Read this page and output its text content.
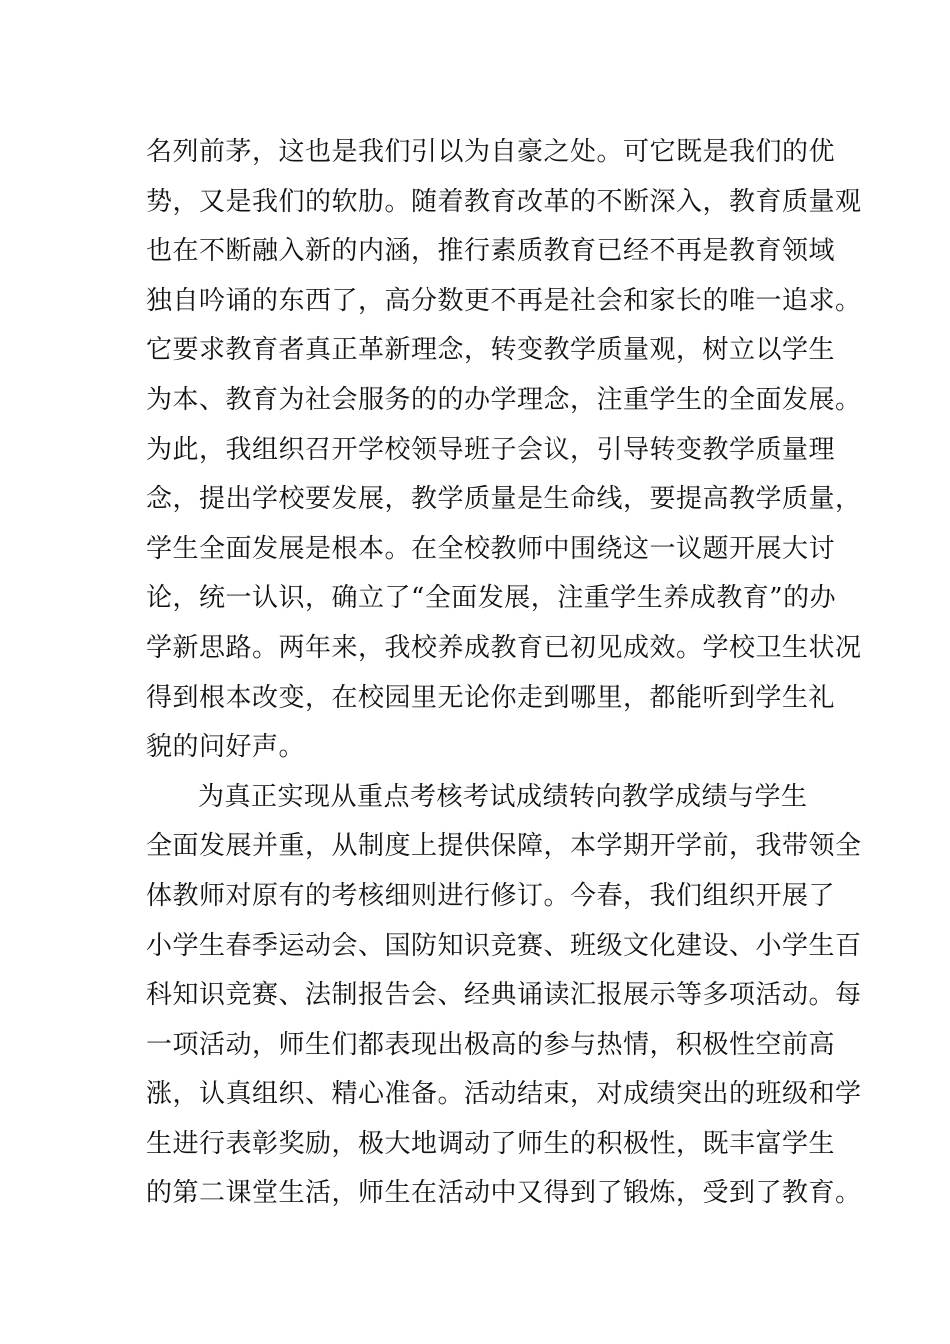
名列前茅，这也是我们引以为自豪之处。可它既是我们的优
势，又是我们的软肋。随着教育改革的不断深入，教育质量观
也在不断融入新的内涵，推行素质教育已经不再是教育领域
独自吟诵的东西了，高分数更不再是社会和家长的唯一追求。
它要求教育者真正革新理念，转变教学质量观，树立以学生
为本、教育为社会服务的的办学理念，注重学生的全面发展。
为此，我组织召开学校领导班子会议，引导转变教学质量理
念，提出学校要发展，教学质量是生命线，要提高教学质量，
学生全面发展是根本。在全校教师中围绕这一议题开展大讨
论，统一认识，确立了“全面发展，注重学生养成教育”的办
学新思路。两年来，我校养成教育已初见成效。学校卫生状况
得到根本改变，在校园里无论你走到哪里，都能听到学生礼
貌的问好声。
为真正实现从重点考核考试成绩转向教学成绩与学生
全面发展并重，从制度上提供保障，本学期开学前，我带领全
体教师对原有的考核细则进行修订。今春，我们组织开展了
小学生春季运动会、国防知识竞赛、班级文化建设、小学生百
科知识竞赛、法制报告会、经典诵读汇报展示等多项活动。每
一项活动，师生们都表现出极高的参与热情，积极性空前高
涨，认真组织、精心准备。活动结束，对成绩突出的班级和学
生进行表彰奖励，极大地调动了师生的积极性，既丰富学生
的第二课堂生活，师生在活动中又得到了锻炼，受到了教育。
